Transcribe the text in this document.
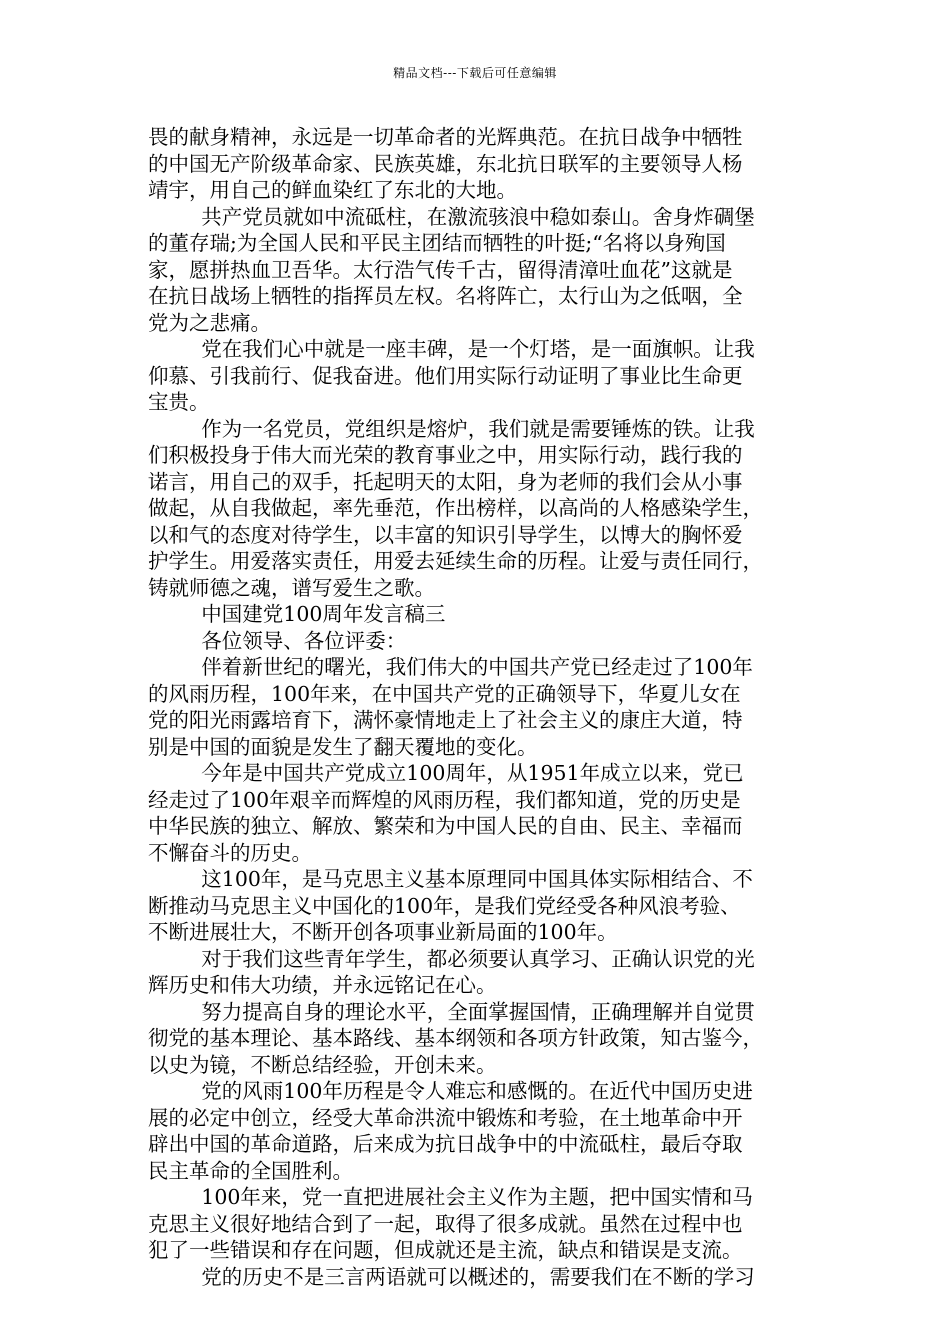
精品文档---下载后可任意编辑
畏的献身精神，永远是一切革命者的光辉典范。在抗日战争中牺牲
的中国无产阶级革命家、民族英雄，东北抗日联军的主要领导人杨
靖宇，用自己的鲜血染红了东北的大地。
共产党员就如中流砥柱，在激流骇浪中稳如泰山。舍身炸碉堡
的董存瑞;为全国人民和平民主团结而牺牲的叶挺;“名将以身殉国
家，愿拼热血卫吾华。太行浩气传千古，留得清漳吐血花”这就是
在抗日战场上牺牲的指挥员左权。名将阵亡，太行山为之低咽，全
党为之悲痛。
党在我们心中就是一座丰碑，是一个灯塔，是一面旗帜。让我
仰慕、引我前行、促我奋进。他们用实际行动证明了事业比生命更
宝贵。
作为一名党员，党组织是熔炉，我们就是需要锤炼的铁。让我
们积极投身于伟大而光荣的教育事业之中，用实际行动，践行我的
诺言，用自己的双手，托起明天的太阳，身为老师的我们会从小事
做起，从自我做起，率先垂范，作出榜样，以高尚的人格感染学生，
以和气的态度对待学生，以丰富的知识引导学生，以博大的胸怀爱
护学生。用爱落实责任，用爱去延续生命的历程。让爱与责任同行，
铸就师德之魂，谱写爱生之歌。
中国建党100周年发言稿三
各位领导、各位评委：
伴着新世纪的曙光，我们伟大的中国共产党已经走过了100年
的风雨历程，100年来，在中国共产党的正确领导下，华夏儿女在
党的阳光雨露培育下，满怀豪情地走上了社会主义的康庄大道，特
别是中国的面貌是发生了翻天覆地的变化。
今年是中国共产党成立100周年，从1951年成立以来，党已
经走过了100年艰辛而辉煌的风雨历程，我们都知道，党的历史是
中华民族的独立、解放、繁荣和为中国人民的自由、民主、幸福而
不懈奋斗的历史。
这100年，是马克思主义基本原理同中国具体实际相结合、不
断推动马克思主义中国化的100年，是我们党经受各种风浪考验、
不断进展壮大，不断开创各项事业新局面的100年。
对于我们这些青年学生，都必须要认真学习、正确认识党的光
辉历史和伟大功绩，并永远铭记在心。
努力提高自身的理论水平，全面掌握国情，正确理解并自觉贯
彻党的基本理论、基本路线、基本纲领和各项方针政策，知古鉴今，
以史为镜，不断总结经验，开创未来。
党的风雨100年历程是令人难忘和感慨的。在近代中国历史进
展的必定中创立，经受大革命洪流中锻炼和考验，在土地革命中开
辟出中国的革命道路，后来成为抗日战争中的中流砥柱，最后夺取
民主革命的全国胜利。
100年来，党一直把进展社会主义作为主题，把中国实情和马
克思主义很好地结合到了一起，取得了很多成就。虽然在过程中也
犯了一些错误和存在问题，但成就还是主流，缺点和错误是支流。
党的历史不是三言两语就可以概述的，需要我们在不断的学习
